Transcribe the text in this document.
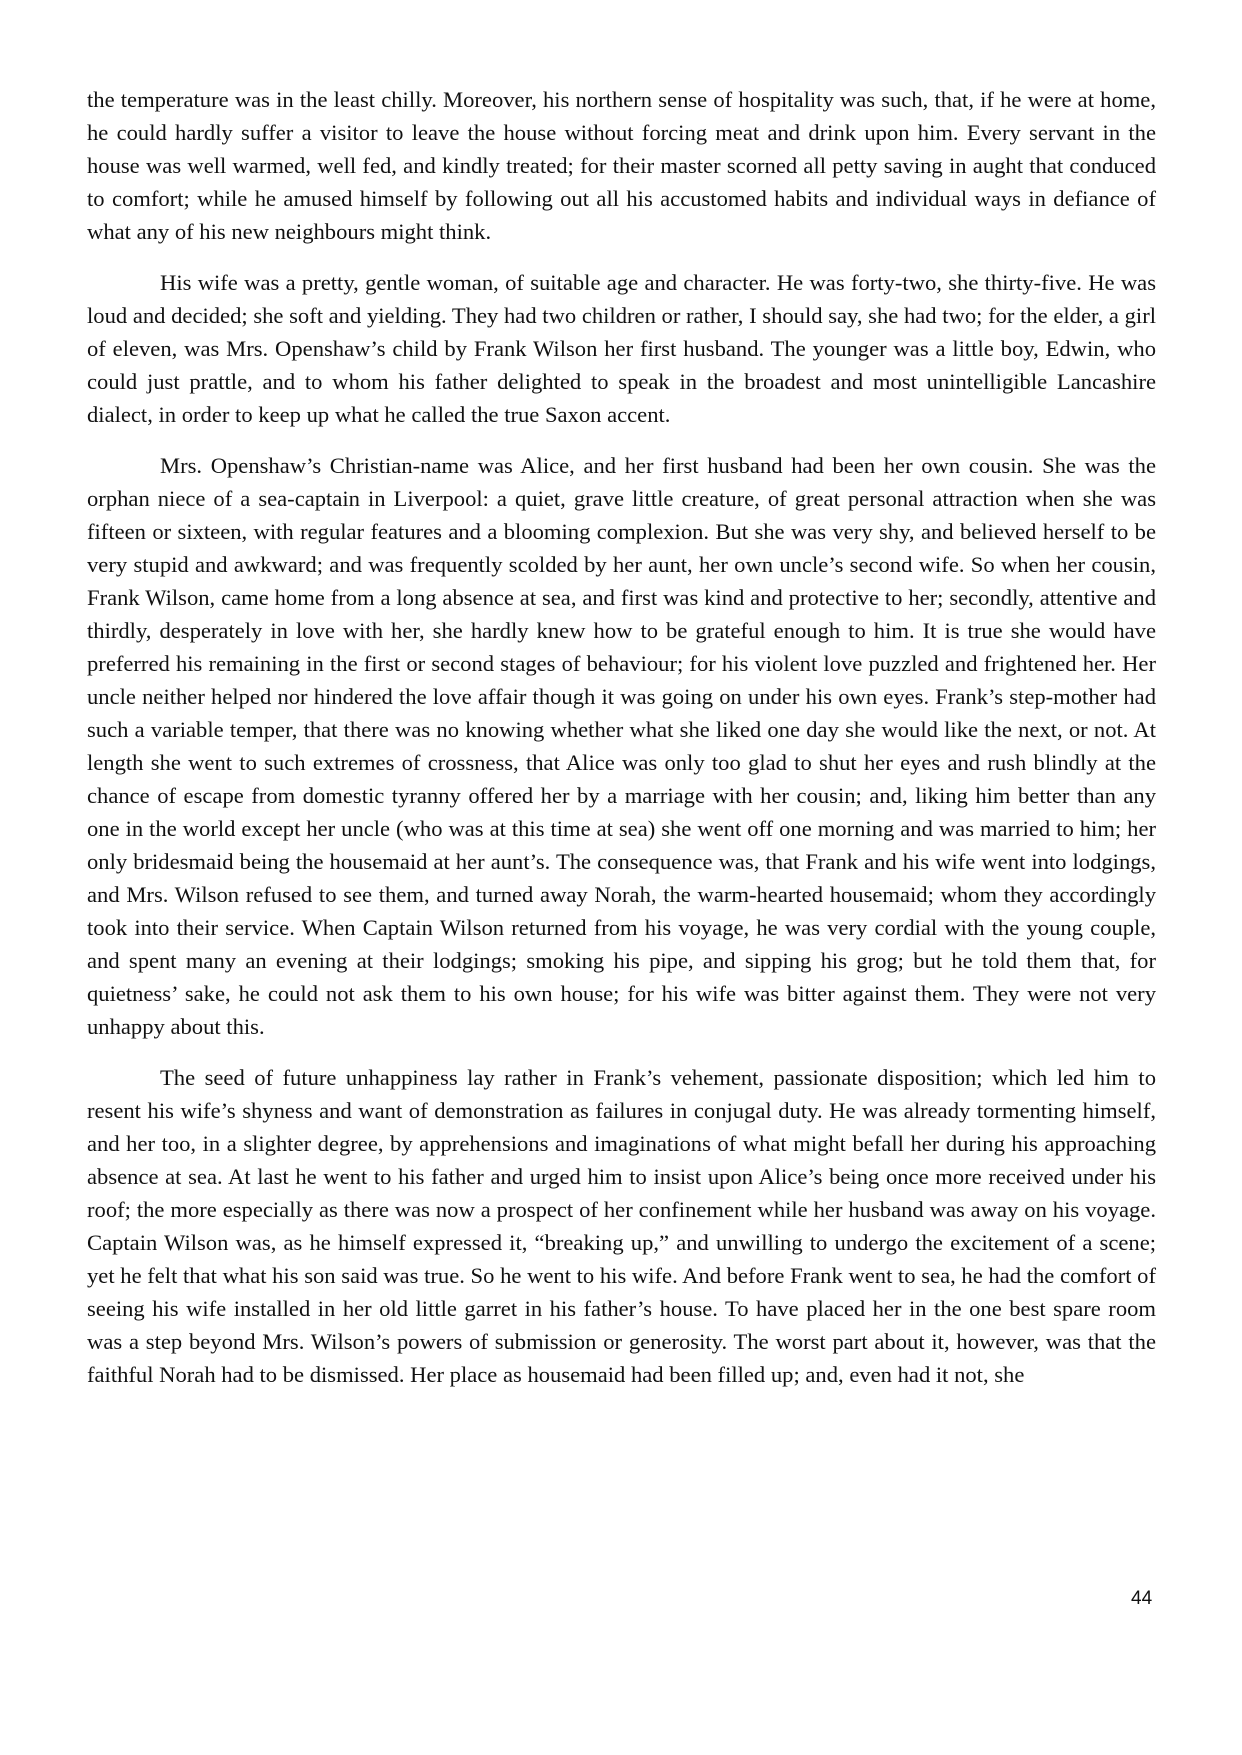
the temperature was in the least chilly. Moreover, his northern sense of hospitality was such, that, if he were at home, he could hardly suffer a visitor to leave the house without forcing meat and drink upon him. Every servant in the house was well warmed, well fed, and kindly treated; for their master scorned all petty saving in aught that conduced to comfort; while he amused himself by following out all his accustomed habits and individual ways in defiance of what any of his new neighbours might think.

His wife was a pretty, gentle woman, of suitable age and character. He was forty-two, she thirty-five. He was loud and decided; she soft and yielding. They had two children or rather, I should say, she had two; for the elder, a girl of eleven, was Mrs. Openshaw’s child by Frank Wilson her first husband. The younger was a little boy, Edwin, who could just prattle, and to whom his father delighted to speak in the broadest and most unintelligible Lancashire dialect, in order to keep up what he called the true Saxon accent.

Mrs. Openshaw’s Christian-name was Alice, and her first husband had been her own cousin. She was the orphan niece of a sea-captain in Liverpool: a quiet, grave little creature, of great personal attraction when she was fifteen or sixteen, with regular features and a blooming complexion. But she was very shy, and believed herself to be very stupid and awkward; and was frequently scolded by her aunt, her own uncle’s second wife. So when her cousin, Frank Wilson, came home from a long absence at sea, and first was kind and protective to her; secondly, attentive and thirdly, desperately in love with her, she hardly knew how to be grateful enough to him. It is true she would have preferred his remaining in the first or second stages of behaviour; for his violent love puzzled and frightened her. Her uncle neither helped nor hindered the love affair though it was going on under his own eyes. Frank’s step-mother had such a variable temper, that there was no knowing whether what she liked one day she would like the next, or not. At length she went to such extremes of crossness, that Alice was only too glad to shut her eyes and rush blindly at the chance of escape from domestic tyranny offered her by a marriage with her cousin; and, liking him better than any one in the world except her uncle (who was at this time at sea) she went off one morning and was married to him; her only bridesmaid being the housemaid at her aunt’s. The consequence was, that Frank and his wife went into lodgings, and Mrs. Wilson refused to see them, and turned away Norah, the warm-hearted housemaid; whom they accordingly took into their service. When Captain Wilson returned from his voyage, he was very cordial with the young couple, and spent many an evening at their lodgings; smoking his pipe, and sipping his grog; but he told them that, for quietness’ sake, he could not ask them to his own house; for his wife was bitter against them. They were not very unhappy about this.

The seed of future unhappiness lay rather in Frank’s vehement, passionate disposition; which led him to resent his wife’s shyness and want of demonstration as failures in conjugal duty. He was already tormenting himself, and her too, in a slighter degree, by apprehensions and imaginations of what might befall her during his approaching absence at sea. At last he went to his father and urged him to insist upon Alice’s being once more received under his roof; the more especially as there was now a prospect of her confinement while her husband was away on his voyage. Captain Wilson was, as he himself expressed it, “breaking up,” and unwilling to undergo the excitement of a scene; yet he felt that what his son said was true. So he went to his wife. And before Frank went to sea, he had the comfort of seeing his wife installed in her old little garret in his father’s house. To have placed her in the one best spare room was a step beyond Mrs. Wilson’s powers of submission or generosity. The worst part about it, however, was that the faithful Norah had to be dismissed. Her place as housemaid had been filled up; and, even had it not, she

44
